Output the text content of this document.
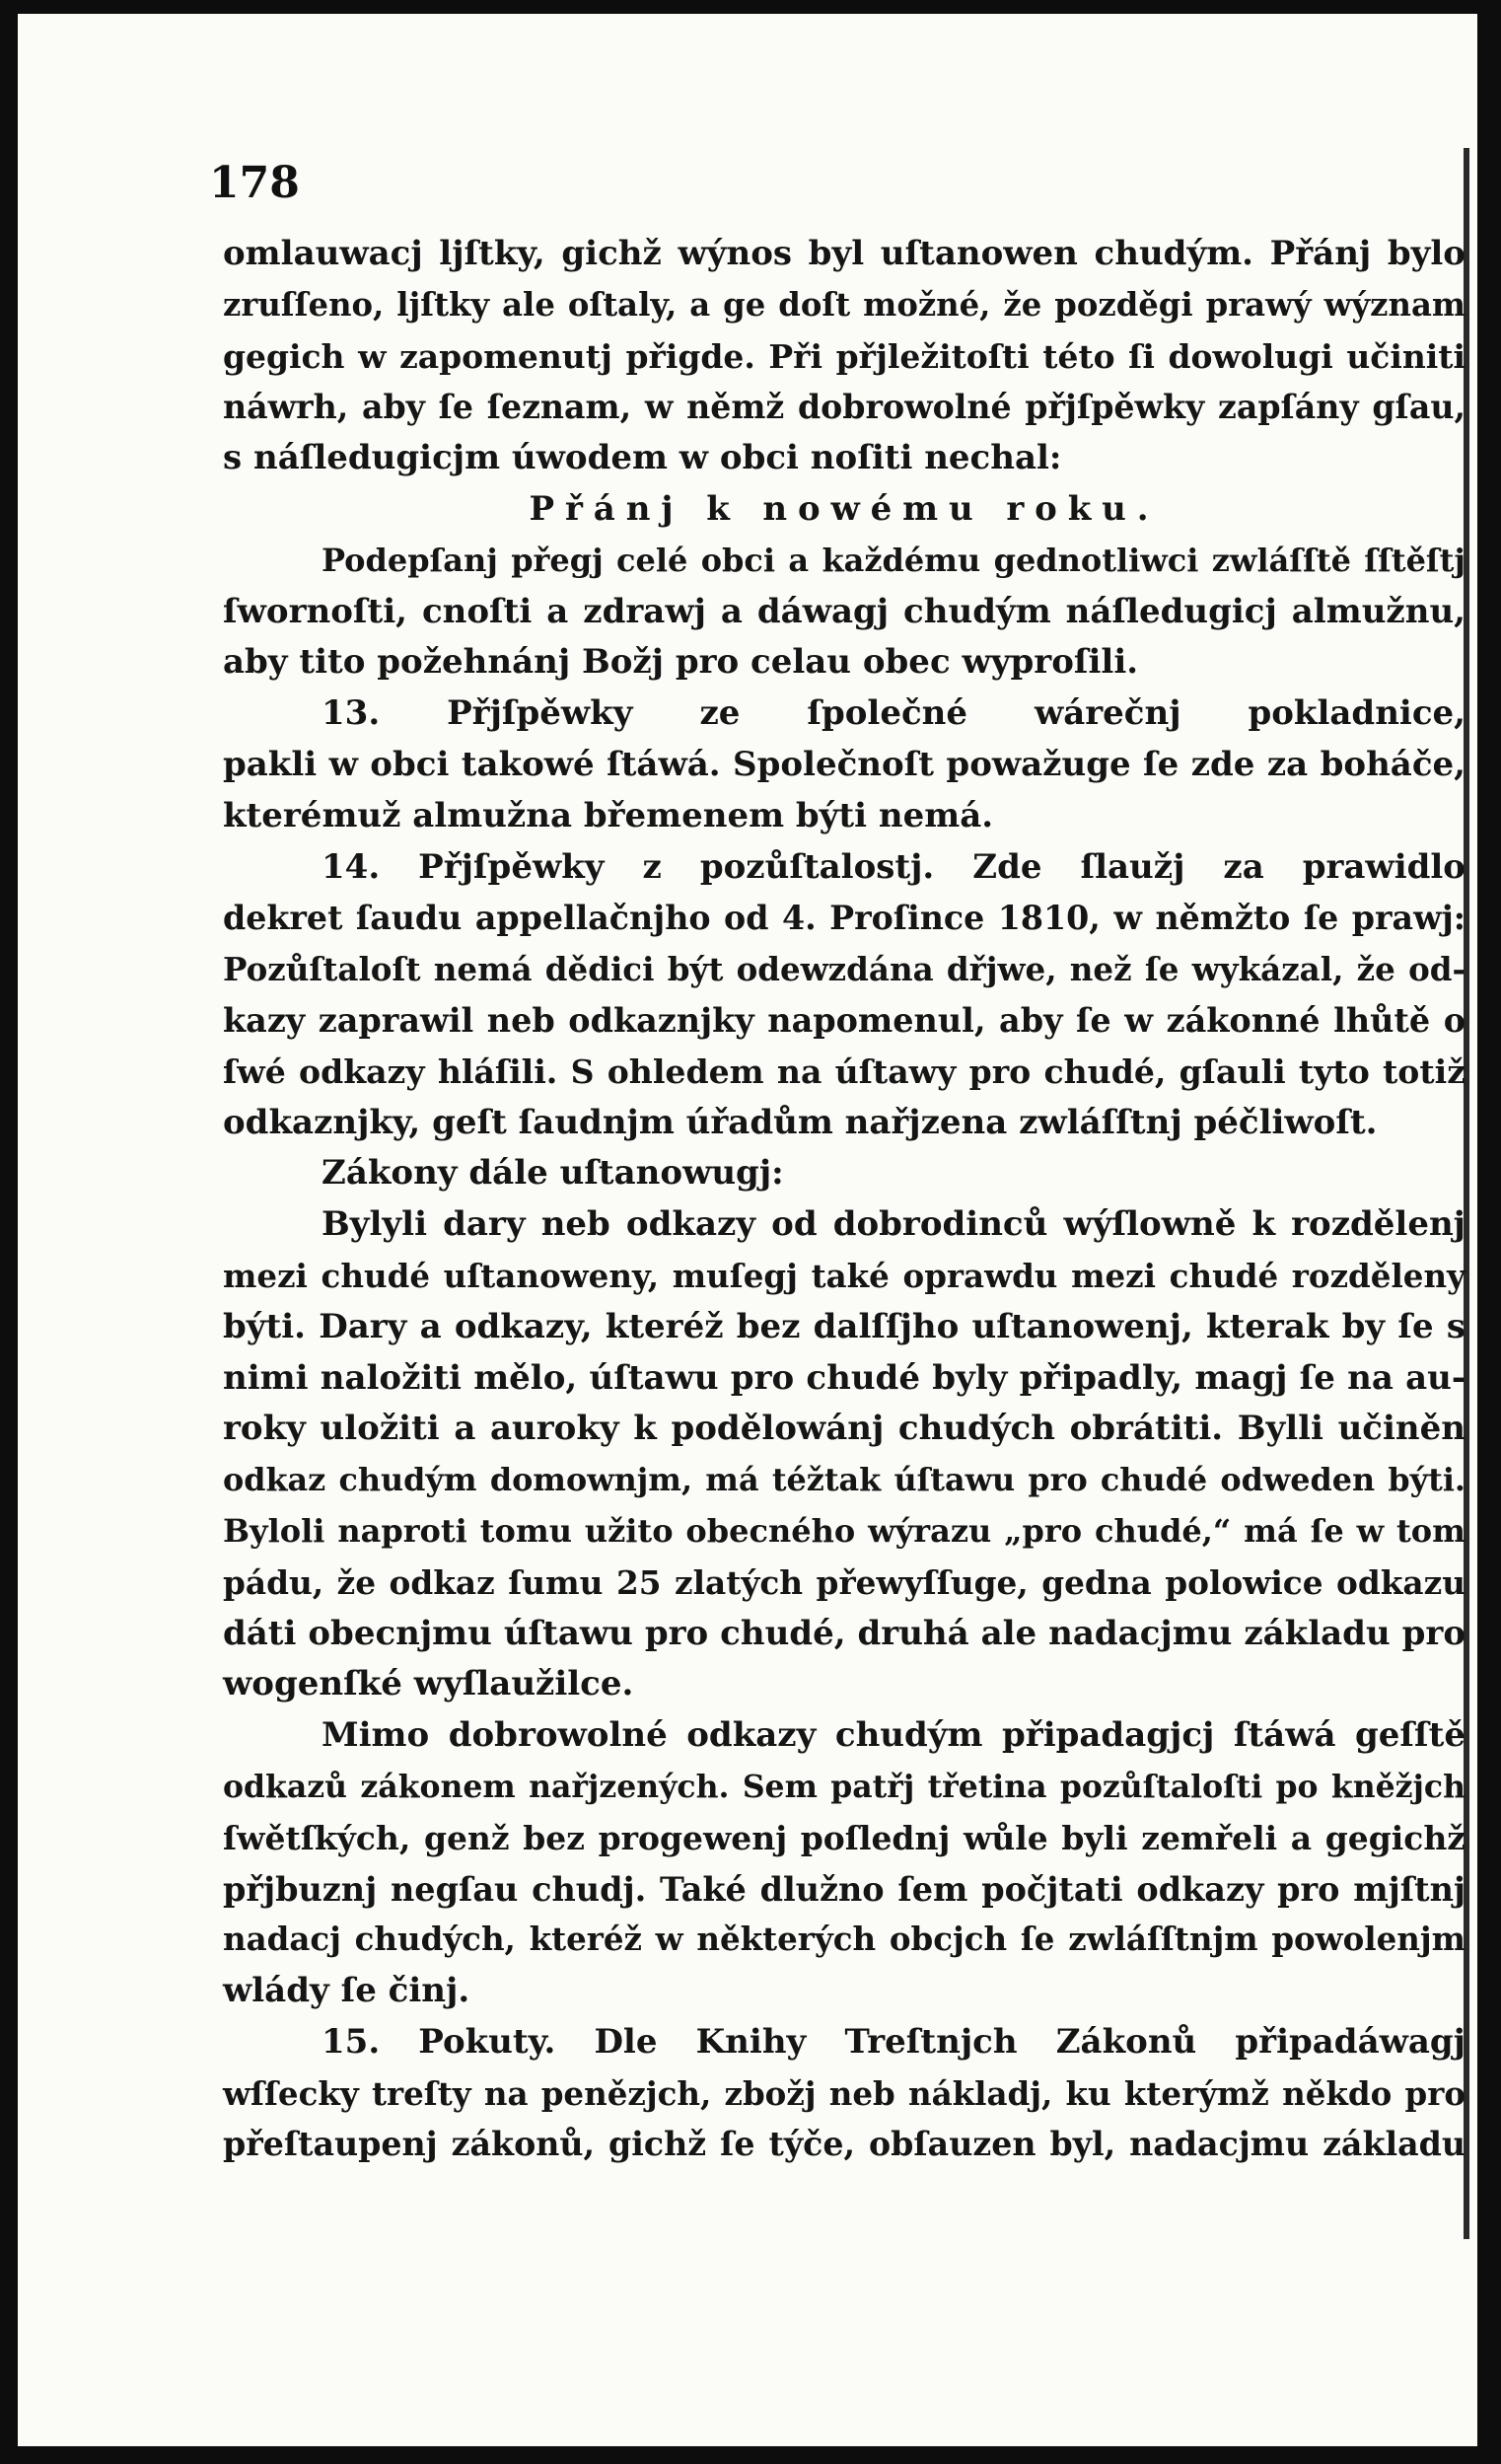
178
omlauwacj ljſtky, gichž wýnos byl uſtanowen chudým. Přánj bylo
zruſſeno, ljſtky ale oſtaly, a ge doſt možné, že pozděgi prawý wýznam
gegich w zapomenutj přigde. Při přjležitoſti této ſi dowolugi učiniti
náwrh, aby ſe ſeznam, w němž dobrowolné přjſpěwky zapſány gſau,
s náſledugicjm úwodem w obci noſiti nechal:
Přánj k nowému roku.
Podepſanj přegj celé obci a každému gednotliwci zwláſſtě ſſtěſtj
ſwornoſti, cnoſti a zdrawj a dáwagj chudým náſledugicj almužnu,
aby tito požehnánj Božj pro celau obec wyproſili.
13. Přjſpěwky ze ſpolečné wárečnj pokladnice,
pakli w obci takowé ſtáwá. Společnoſt powažuge ſe zde za boháče,
kterémuž almužna břemenem býti nemá.
14. Přjſpěwky z pozůſtalostj. Zde ſlaužj za prawidlo
dekret ſaudu appellačnjho od 4. Proſince 1810, w němžto ſe prawj:
Pozůſtaloſt nemá dědici být odewzdána dřjwe, než ſe wykázal, že od-
kazy zaprawil neb odkaznjky napomenul, aby ſe w zákonné lhůtě o
ſwé odkazy hláſili. S ohledem na úſtawy pro chudé, gſauli tyto totiž
odkaznjky, geſt ſaudnjm úřadům nařjzena zwláſſtnj péčliwoſt.
Zákony dále uſtanowugj:
Bylyli dary neb odkazy od dobrodinců wýſlowně k rozdělenj
mezi chudé uſtanoweny, muſegj také oprawdu mezi chudé rozděleny
býti. Dary a odkazy, kteréž bez dalſſjho uſtanowenj, kterak by ſe s
nimi naložiti mělo, úſtawu pro chudé byly připadly, magj ſe na au-
roky uložiti a auroky k podělowánj chudých obrátiti. Bylli učiněn
odkaz chudým domownjm, má téžtak úſtawu pro chudé odweden býti.
Byloli naproti tomu užito obecného wýrazu „pro chudé,“ má ſe w tom
pádu, že odkaz ſumu 25 zlatých přewyſſuge, gedna polowice odkazu
dáti obecnjmu úſtawu pro chudé, druhá ale nadacjmu základu pro
wogenſké wyſlaužilce.
Mimo dobrowolné odkazy chudým připadagjcj ſtáwá geſſtě
odkazů zákonem nařjzených. Sem patřj třetina pozůſtaloſti po kněžjch
ſwětſkých, genž bez progewenj poſlednj wůle byli zemřeli a gegichž
přjbuznj negſau chudj. Také dlužno ſem počjtati odkazy pro mjſtnj
nadacj chudých, kteréž w některých obcjch ſe zwláſſtnjm powolenjm
wlády ſe činj.
15. Pokuty. Dle Knihy Treſtnjch Zákonů připadáwagj
wſſecky treſty na penězjch, zbožj neb nákladj, ku kterýmž někdo pro
přeſtaupenj zákonů, gichž ſe týče, obſauzen byl, nadacjmu základu
